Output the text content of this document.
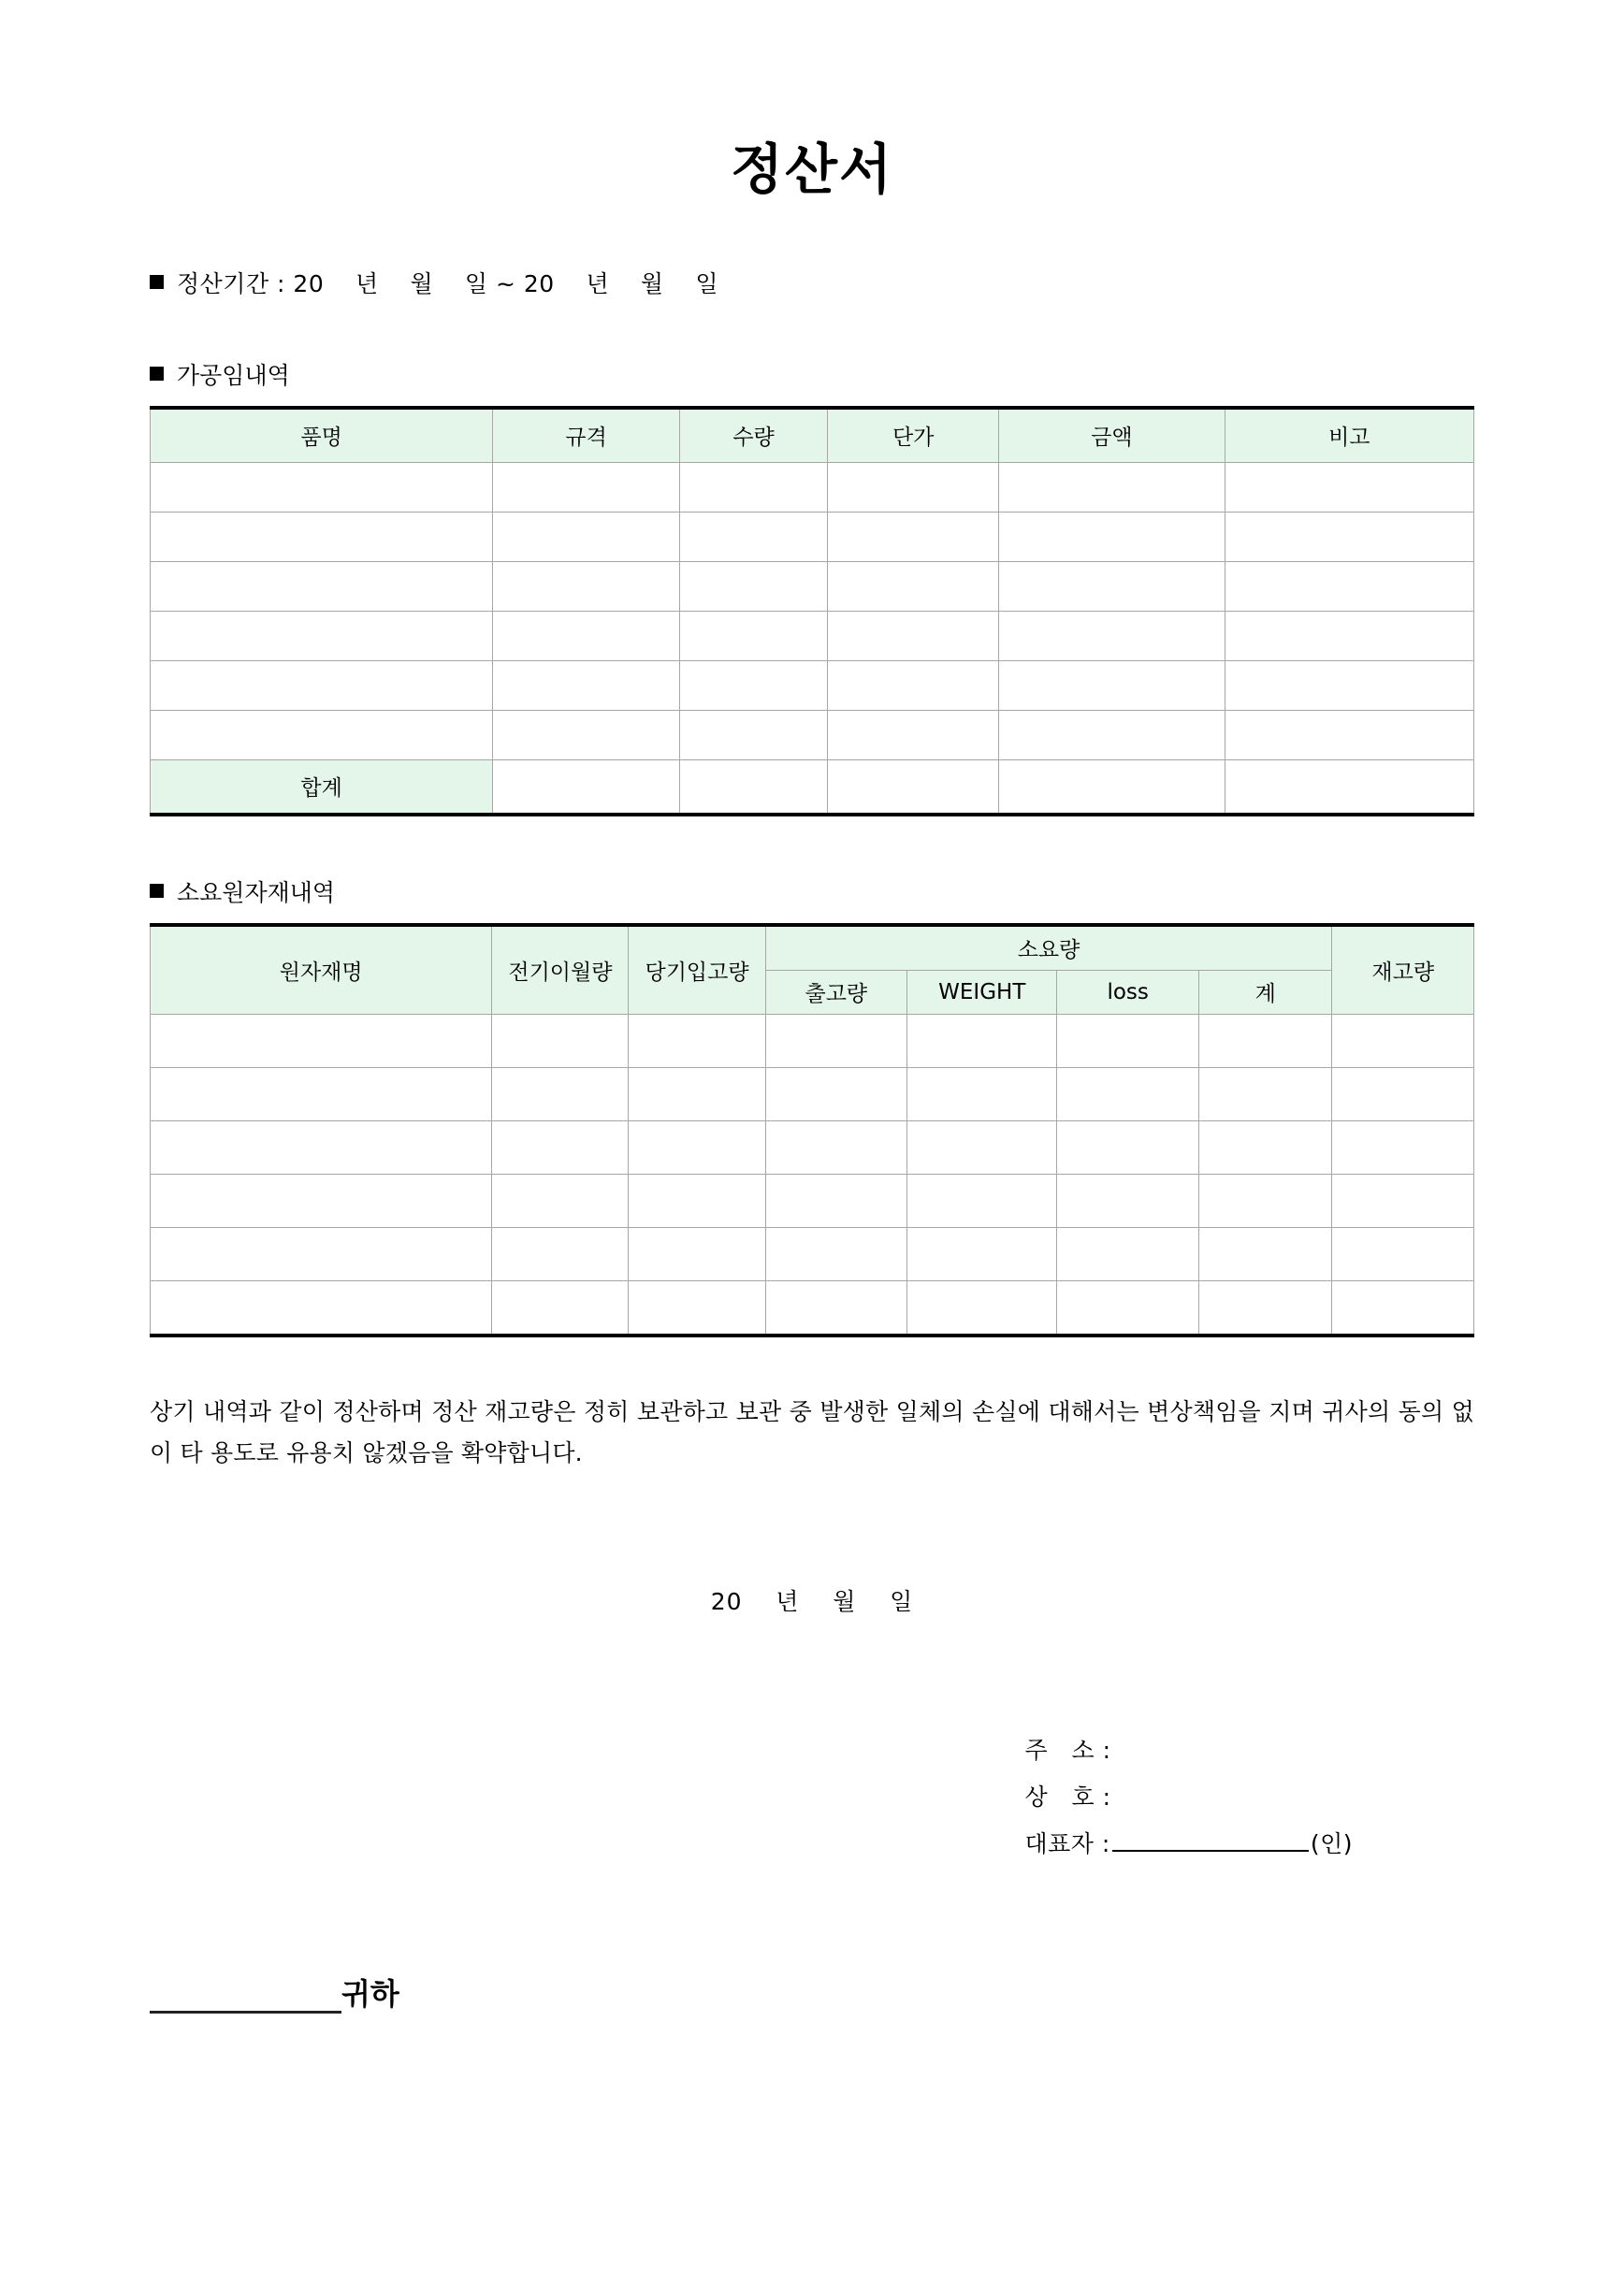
정산서
정산기간 : 20    년    월    일 ~ 20    년    월    일
가공임내역
품명	규격	수량	단가	금액	비고

합계					
소요원자재내역
원자재명	전기이월량	당기입고량	소요량				재고량
			출고량	WEIGHT	loss	계	

상기 내역과 같이 정산하며 정산 재고량은 정히 보관하고 보관 중 발생한 일체의 손실에 대해서는 변상책임을 지며 귀사의 동의 없이 타 용도로 유용치 않겠음을 확약합니다.
20    년    월    일
주   소 :
상   호 :
대표자 :	(인)
귀하
